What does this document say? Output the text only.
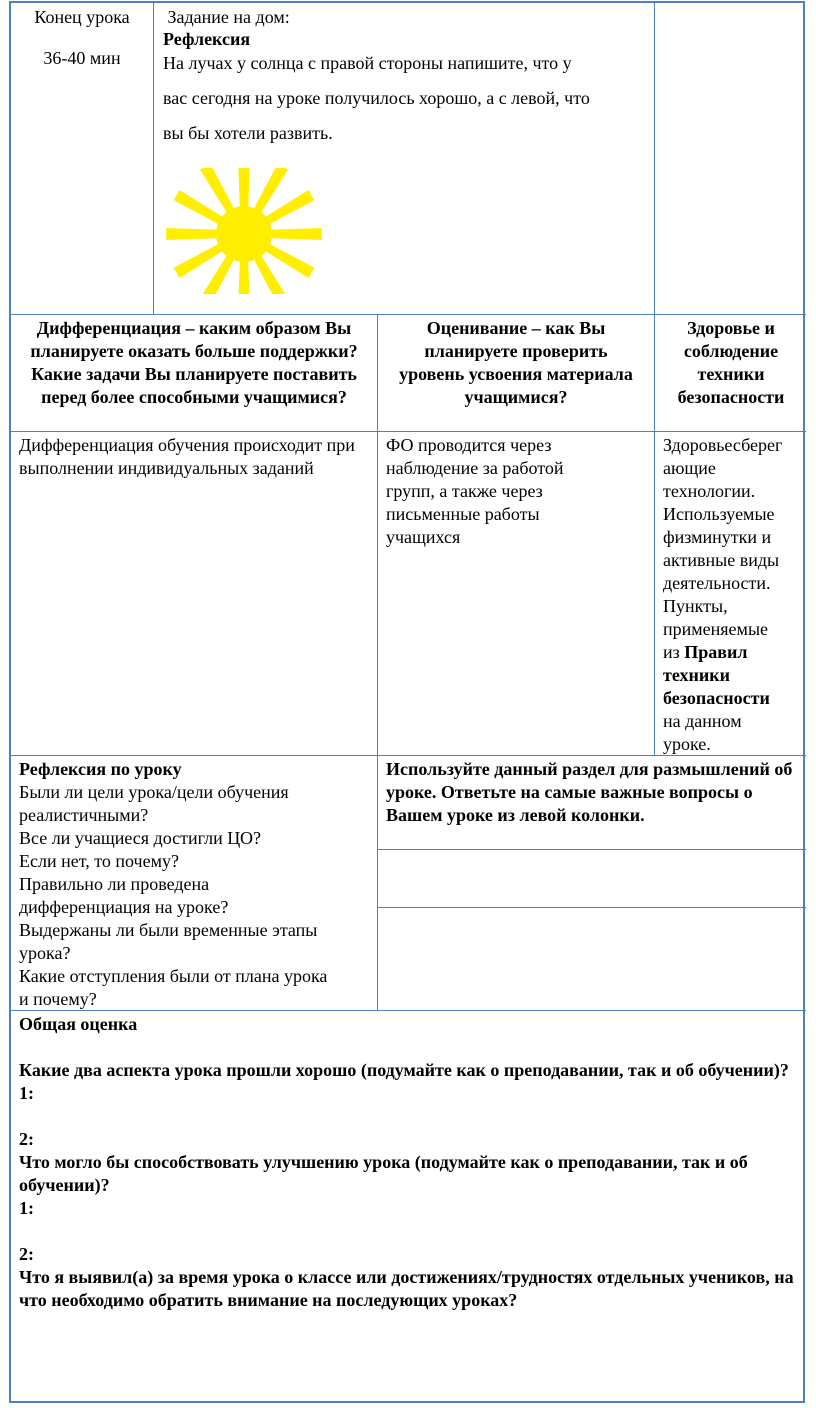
Конец урока
36-40 мин
Задание на дом:
Рефлексия
На лучах у солнца с правой стороны напишите, что у
вас сегодня на уроке получилось хорошо, а с левой, что
вы бы хотели развить.
Дифференциация – каким образом Вы планируете оказать больше поддержки? Какие задачи Вы планируете поставить перед более способными учащимися?
Оценивание – как Вы планируете проверить уровень усвоения материала учащимися?
Здоровье и соблюдение техники безопасности
Дифференциация обучения происходит при выполнении индивидуальных заданий
ФО проводится через наблюдение за работой групп, а также через письменные работы учащихся
Здоровьесберег
ающие
технологии.
Используемые
физминутки и
активные виды
деятельности.
Пункты,
применяемые
из Правил
техники
безопасности
на данном
уроке.
Рефлексия по уроку
Были ли цели урока/цели обучения
реалистичными?
Все ли учащиеся достигли ЦО?
Если нет, то почему?
Правильно ли проведена
дифференциация на уроке?
Выдержаны ли были временные этапы
урока?
Какие отступления были от плана урока
и почему?
Используйте данный раздел для размышлений об уроке. Ответьте на самые важные вопросы о Вашем уроке из левой колонки.
Общая оценка
Какие два аспекта урока прошли хорошо (подумайте как о преподавании, так и об обучении)?
1:
2:
Что могло бы способствовать улучшению урока (подумайте как о преподавании, так и об обучении)?
1:
2:
Что я выявил(а) за время урока о классе или достижениях/трудностях отдельных учеников, на что необходимо обратить внимание на последующих уроках?
